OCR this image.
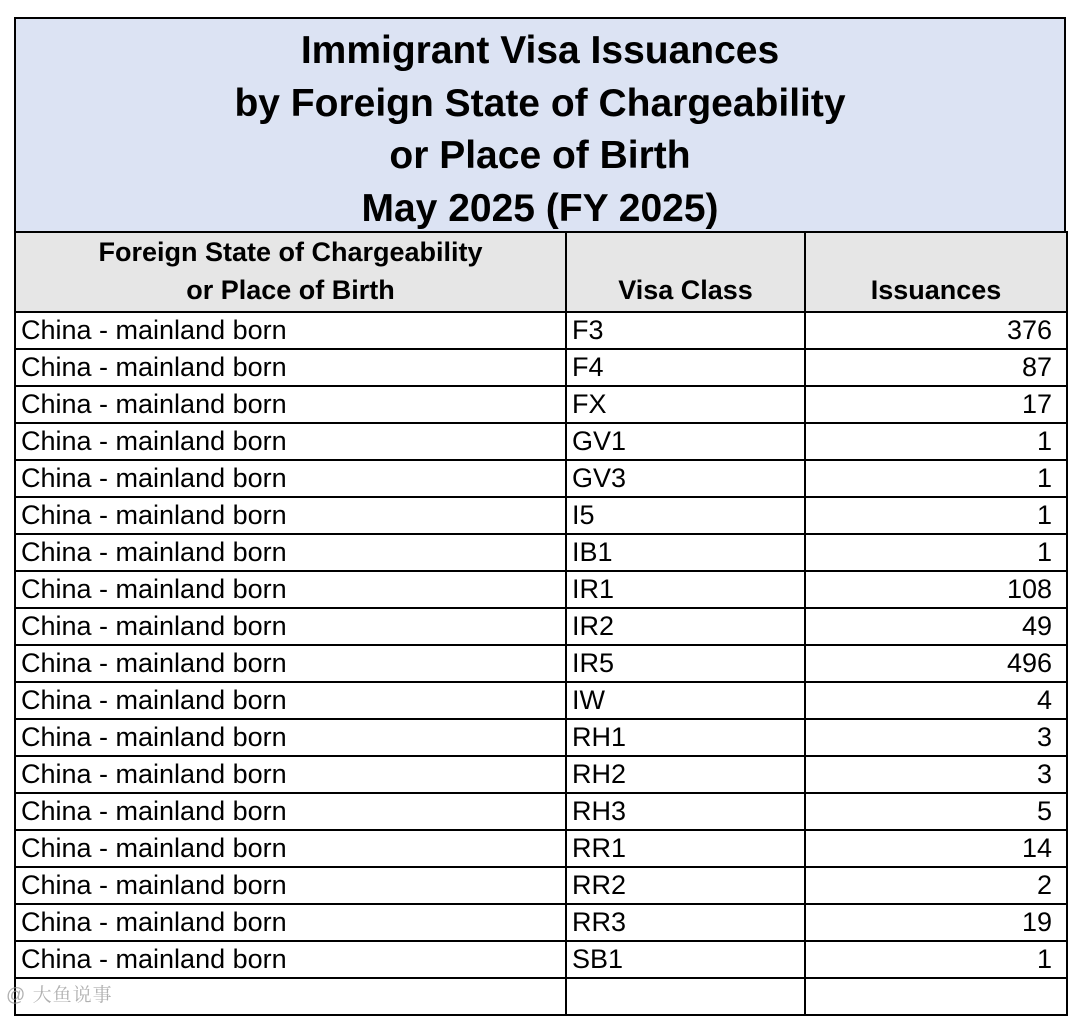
Immigrant Visa Issuances
by Foreign State of Chargeability
or Place of Birth
May 2025 (FY 2025)
Foreign State of Chargeability
or Place of Birth	Visa Class	Issuances

China - mainland born	F3	376
China - mainland born	F4	87
China - mainland born	FX	17
China - mainland born	GV1	1
China - mainland born	GV3	1
China - mainland born	I5	1
China - mainland born	IB1	1
China - mainland born	IR1	108
China - mainland born	IR2	49
China - mainland born	IR5	496
China - mainland born	IW	4
China - mainland born	RH1	3
China - mainland born	RH2	3
China - mainland born	RH3	5
China - mainland born	RR1	14
China - mainland born	RR2	2
China - mainland born	RR3	19
China - mainland born	SB1	1

@ 大鱼说事
